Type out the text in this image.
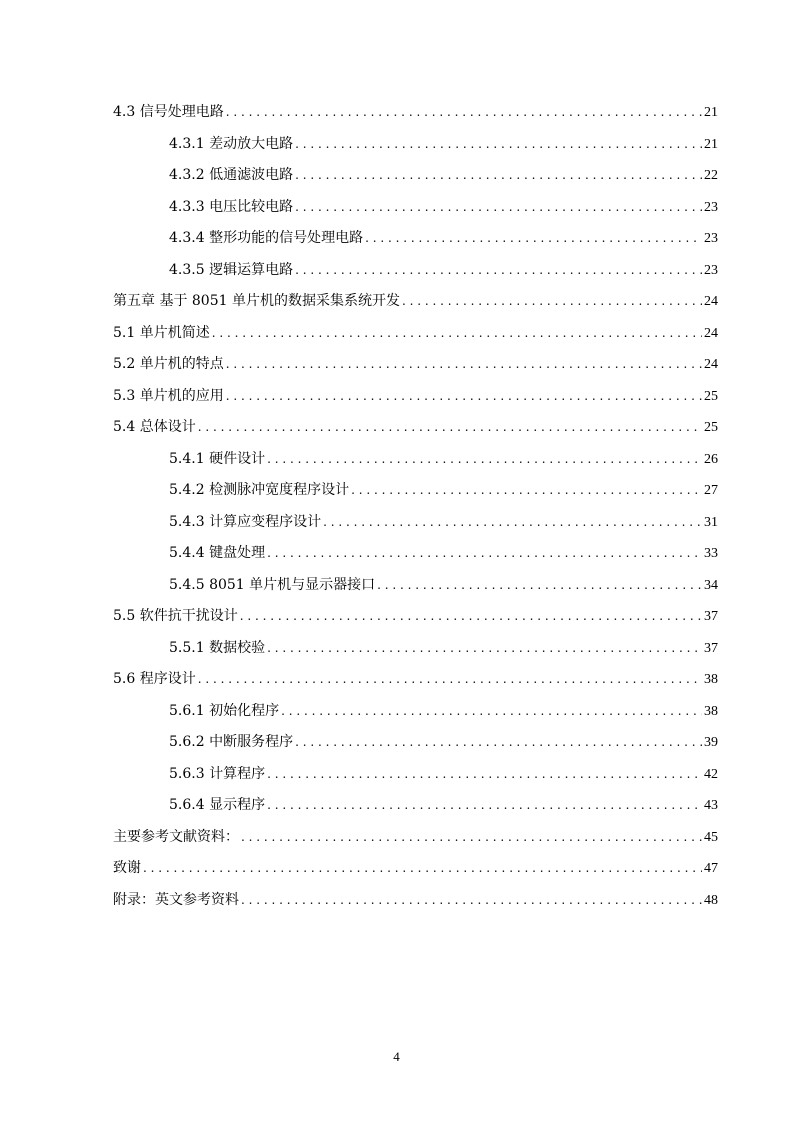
4.3 信号处理电路 . . .	21
4.3.1 差动放大电路 . . .	21
4.3.2 低通滤波电路 . . .	22
4.3.3 电压比较电路 . . .	23
4.3.4 整形功能的信号处理电路 . . .	23
4.3.5 逻辑运算电路 . . .	23
第五章 基于 8051 单片机的数据采集系统开发 . . .	24
5.1 单片机简述 . . .	24
5.2 单片机的特点 . . .	24
5.3 单片机的应用 . . .	25
5.4 总体设计 . . .	25
5.4.1 硬件设计 . . .	26
5.4.2 检测脉冲宽度程序设计 . . .	27
5.4.3 计算应变程序设计 . . .	31
5.4.4 键盘处理 . . .	33
5.4.5 8051 单片机与显示器接口 . . .	34
5.5 软件抗干扰设计 . . .	37
5.5.1 数据校验 . . .	37
5.6 程序设计 . . .	38
5.6.1 初始化程序 . . .	38
5.6.2 中断服务程序 . . .	39
5.6.3 计算程序 . . .	42
5.6.4 显示程序 . . .	43
主要参考文献资料： . . .	45
致谢 . . .	47
附录：英文参考资料 . . .	48
4
